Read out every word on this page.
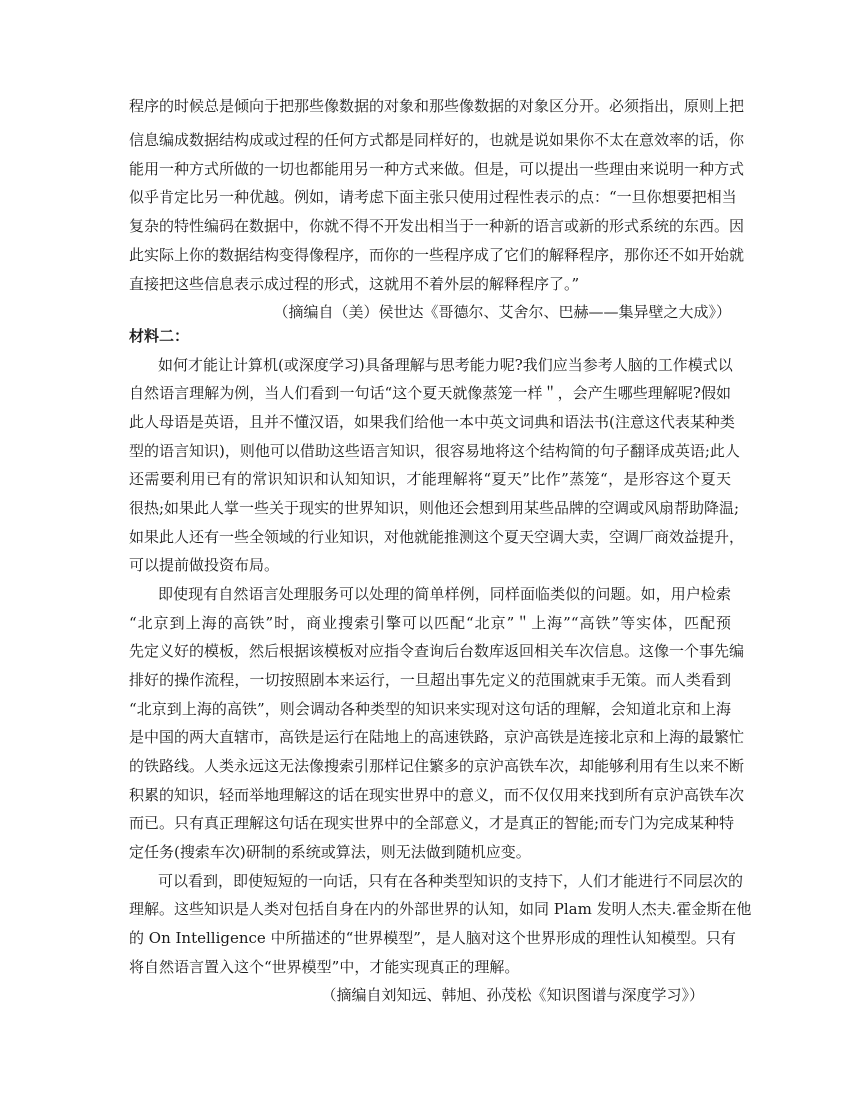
程序的时候总是倾向于把那些像数据的对象和那些像数据的对象区分开。必须指出，原则上把
信息编成数据结构成或过程的任何方式都是同样好的，也就是说如果你不太在意效率的话，你
能用一种方式所做的一切也都能用另一种方式来做。但是，可以提出一些理由来说明一种方式
似乎肯定比另一种优越。例如，请考虑下面主张只使用过程性表示的点：“一旦你想要把相当
复杂的特性编码在数据中，你就不得不开发出相当于一种新的语言或新的形式系统的东西。因
此实际上你的数据结构变得像程序，而你的一些程序成了它们的解释程序，那你还不如开始就
直接把这些信息表示成过程的形式，这就用不着外层的解释程序了。”
（摘编自（美）侯世达《哥德尔、艾舍尔、巴赫——集异壁之大成》）
材料二：
如何才能让计算机(或深度学习)具备理解与思考能力呢?我们应当参考人脑的工作模式以
自然语言理解为例，当人们看到一句话“这个夏天就像蒸笼一样＂，会产生哪些理解呢?假如
此人母语是英语，且并不懂汉语，如果我们给他一本中英文词典和语法书(注意这代表某种类
型的语言知识)，则他可以借助这些语言知识，很容易地将这个结构简的句子翻译成英语;此人
还需要利用已有的常识知识和认知知识，才能理解将“夏天”比作”蒸笼“，是形容这个夏天
很热;如果此人掌一些关于现实的世界知识，则他还会想到用某些品牌的空调或风扇帮助降温;
如果此人还有一些全领域的行业知识，对他就能推测这个夏天空调大卖，空调厂商效益提升，
可以提前做投资布局。
即使现有自然语言处理服务可以处理的简单样例，同样面临类似的问题。如，用户检索
“北京到上海的高铁”时，商业搜索引擎可以匹配“北京”＂上海”“高铁”等实体，匹配预
先定义好的模板，然后根据该模板对应指令查询后台数库返回相关车次信息。这像一个事先编
排好的操作流程，一切按照剧本来运行，一旦超出事先定义的范围就束手无策。而人类看到
“北京到上海的高铁”，则会调动各种类型的知识来实现对这句话的理解，会知道北京和上海
是中国的两大直辖市，高铁是运行在陆地上的高速铁路，京沪高铁是连接北京和上海的最繁忙
的铁路线。人类永远这无法像搜索引那样记住繁多的京沪高铁车次，却能够利用有生以来不断
积累的知识，轻而举地理解这的话在现实世界中的意义，而不仅仅用来找到所有京沪高铁车次
而已。只有真正理解这句话在现实世界中的全部意义，才是真正的智能;而专门为完成某种特
定任务(搜索车次)研制的系统或算法，则无法做到随机应变。
可以看到，即使短短的一向话，只有在各种类型知识的支持下，人们才能进行不同层次的
理解。这些知识是人类对包括自身在内的外部世界的认知，如同 Plam 发明人杰夫.霍金斯在他
的 On Intelligence 中所描述的“世界模型”，是人脑对这个世界形成的理性认知模型。只有
将自然语言置入这个“世界模型”中，才能实现真正的理解。
（摘编自刘知远、韩旭、孙茂松《知识图谱与深度学习》）
